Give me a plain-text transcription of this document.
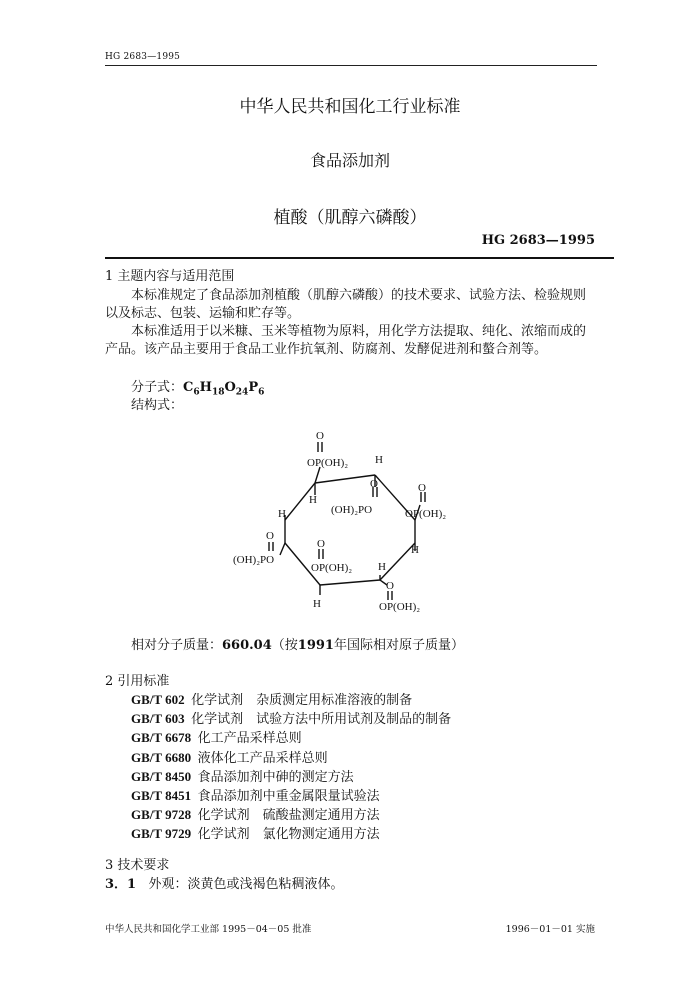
HG 2683—1995
中华人民共和国化工行业标准
食品添加剂
植酸（肌醇六磷酸）
HG 2683—1995
1 主题内容与适用范围
本标准规定了食品添加剂植酸（肌醇六磷酸）的技术要求、试验方法、检验规则以及标志、包装、运输和贮存等。
本标准适用于以米糠、玉米等植物为原料，用化学方法提取、纯化、浓缩而成的产品。该产品主要用于食品工业作抗氧剂、防腐剂、发酵促进剂和螯合剂等。
分子式：$C_6H_{18}O_{24}P_6$
结构式：
O
OP(OH)₂ H
H
O
(OH)₂PO
O
OP(OH)₂
H
H
O
(OH)₂PO
O
OP(OH)₂ H
O
OP(OH)₂
H
相对分子质量：660.04（按1991年国际相对原子质量）
2 引用标准
GB/T 602  化学试剂　杂质测定用标准溶液的制备
GB/T 603  化学试剂　试验方法中所用试剂及制品的制备
GB/T 6678  化工产品采样总则
GB/T 6680  液体化工产品采样总则
GB/T 8450  食品添加剂中砷的测定方法
GB/T 8451  食品添加剂中重金属限量试验法
GB/T 9728  化学试剂　硫酸盐测定通用方法
GB/T 9729  化学试剂　氯化物测定通用方法
3 技术要求
3．1 外观：淡黄色或浅褐色粘稠液体。
中华人民共和国化学工业部 1995－04－05 批准	1996－01－01 实施
